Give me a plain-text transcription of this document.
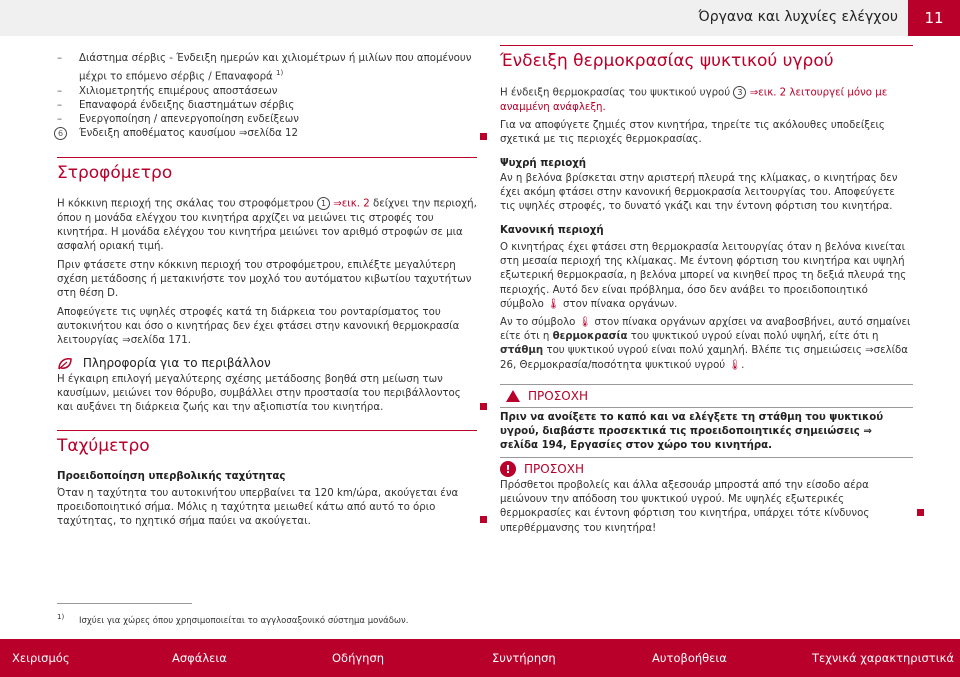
Όργανα και λυχνίες ελέγχου	11
– Διάστημα σέρβις - Ένδειξη ημερών και χιλιομέτρων ή μιλίων που απομένουν
μέχρι το επόμενο σέρβις / Επαναφορά $^{1)}$
– Χιλιομετρητής επιμέρους αποστάσεων
– Επαναφορά ένδειξης διαστημάτων σέρβις
– Ενεργοποίηση / απενεργοποίηση ενδείξεων
6	Ένδειξη αποθέματος καυσίμου ⇒σελίδα 12
Στροφόμετρο
Η κόκκινη περιοχή της σκάλας του στροφόμετρου 1 ⇒εικ. 2 δείχνει την περιοχή, όπου η μονάδα ελέγχου του κινητήρα αρχίζει να μειώνει τις στροφές του κινητήρα. Η μονάδα ελέγχου του κινητήρα μειώνει τον αριθμό στροφών σε μια ασφαλή οριακή τιμή.
Πριν φτάσετε στην κόκκινη περιοχή του στροφόμετρου, επιλέξτε μεγαλύτερη σχέση μετάδοσης ή μετακινήστε τον μοχλό του αυτόματου κιβωτίου ταχυτήτων στη θέση D.
Αποφεύγετε τις υψηλές στροφές κατά τη διάρκεια του ρονταρίσματος του αυτοκινήτου και όσο ο κινητήρας δεν έχει φτάσει στην κανονική θερμοκρασία λειτουργίας ⇒σελίδα 171.
Πληροφορία για το περιβάλλον
Η έγκαιρη επιλογή μεγαλύτερης σχέσης μετάδοσης βοηθά στη μείωση των καυσίμων, μειώνει τον θόρυβο, συμβάλλει στην προστασία του περιβάλλοντος και αυξάνει τη διάρκεια ζωής και την αξιοπιστία του κινητήρα.
Ταχύμετρο
Προειδοποίηση υπερβολικής ταχύτητας
Όταν η ταχύτητα του αυτοκινήτου υπερβαίνει τα 120 km/ώρα, ακούγεται ένα προειδοποιητικό σήμα. Μόλις η ταχύτητα μειωθεί κάτω από αυτό το όριο ταχύτητας, το ηχητικό σήμα παύει να ακούγεται.
Ένδειξη θερμοκρασίας ψυκτικού υγρού
Η ένδειξη θερμοκρασίας του ψυκτικού υγρού 3 ⇒εικ. 2 λειτουργεί μόνο με αναμμένη ανάφλεξη.
Για να αποφύγετε ζημιές στον κινητήρα, τηρείτε τις ακόλουθες υποδείξεις σχετικά με τις περιοχές θερμοκρασίας.
Ψυχρή περιοχή
Αν η βελόνα βρίσκεται στην αριστερή πλευρά της κλίμακας, ο κινητήρας δεν έχει ακόμη φτάσει στην κανονική θερμοκρασία λειτουργίας του. Αποφεύγετε τις υψηλές στροφές, το δυνατό γκάζι και την έντονη φόρτιση του κινητήρα.
Κανονική περιοχή
Ο κινητήρας έχει φτάσει στη θερμοκρασία λειτουργίας όταν η βελόνα κινείται στη μεσαία περιοχή της κλίμακας. Με έντονη φόρτιση του κινητήρα και υψηλή εξωτερική θερμοκρασία, η βελόνα μπορεί να κινηθεί προς τη δεξιά πλευρά της περιοχής. Αυτό δεν είναι πρόβλημα, όσο δεν ανάβει το προειδοποιητικό σύμβολο 🌡 στον πίνακα οργάνων.
Αν το σύμβολο 🌡 στον πίνακα οργάνων αρχίσει να αναβοσβήνει, αυτό σημαίνει είτε ότι η θερμοκρασία του ψυκτικού υγρού είναι πολύ υψηλή, είτε ότι η στάθμη του ψυκτικού υγρού είναι πολύ χαμηλή. Βλέπε τις σημειώσεις ⇒σελίδα 26, Θερμοκρασία/ποσότητα ψυκτικού υγρού 🌡.
ΠΡΟΣΟΧΗ
Πριν να ανοίξετε το καπό και να ελέγξετε τη στάθμη του ψυκτικού υγρού, διαβάστε προσεκτικά τις προειδοποιητικές σημειώσεις ⇒ σελίδα 194, Εργασίες στον χώρο του κινητήρα.
!	ΠΡΟΣΟΧΗ
Πρόσθετοι προβολείς και άλλα αξεσουάρ μπροστά από την είσοδο αέρα μειώνουν την απόδοση του ψυκτικού υγρού. Με υψηλές εξωτερικές θερμοκρασίες και έντονη φόρτιση του κινητήρα, υπάρχει τότε κίνδυνος υπερθέρμανσης του κινητήρα!
$^{1)}$ Ισχύει για χώρες όπου χρησιμοποιείται το αγγλοσαξονικό σύστημα μονάδων.
Χειρισμός	Ασφάλεια	Οδήγηση	Συντήρηση	Αυτοβοήθεια	Τεχνικά χαρακτηριστικά
